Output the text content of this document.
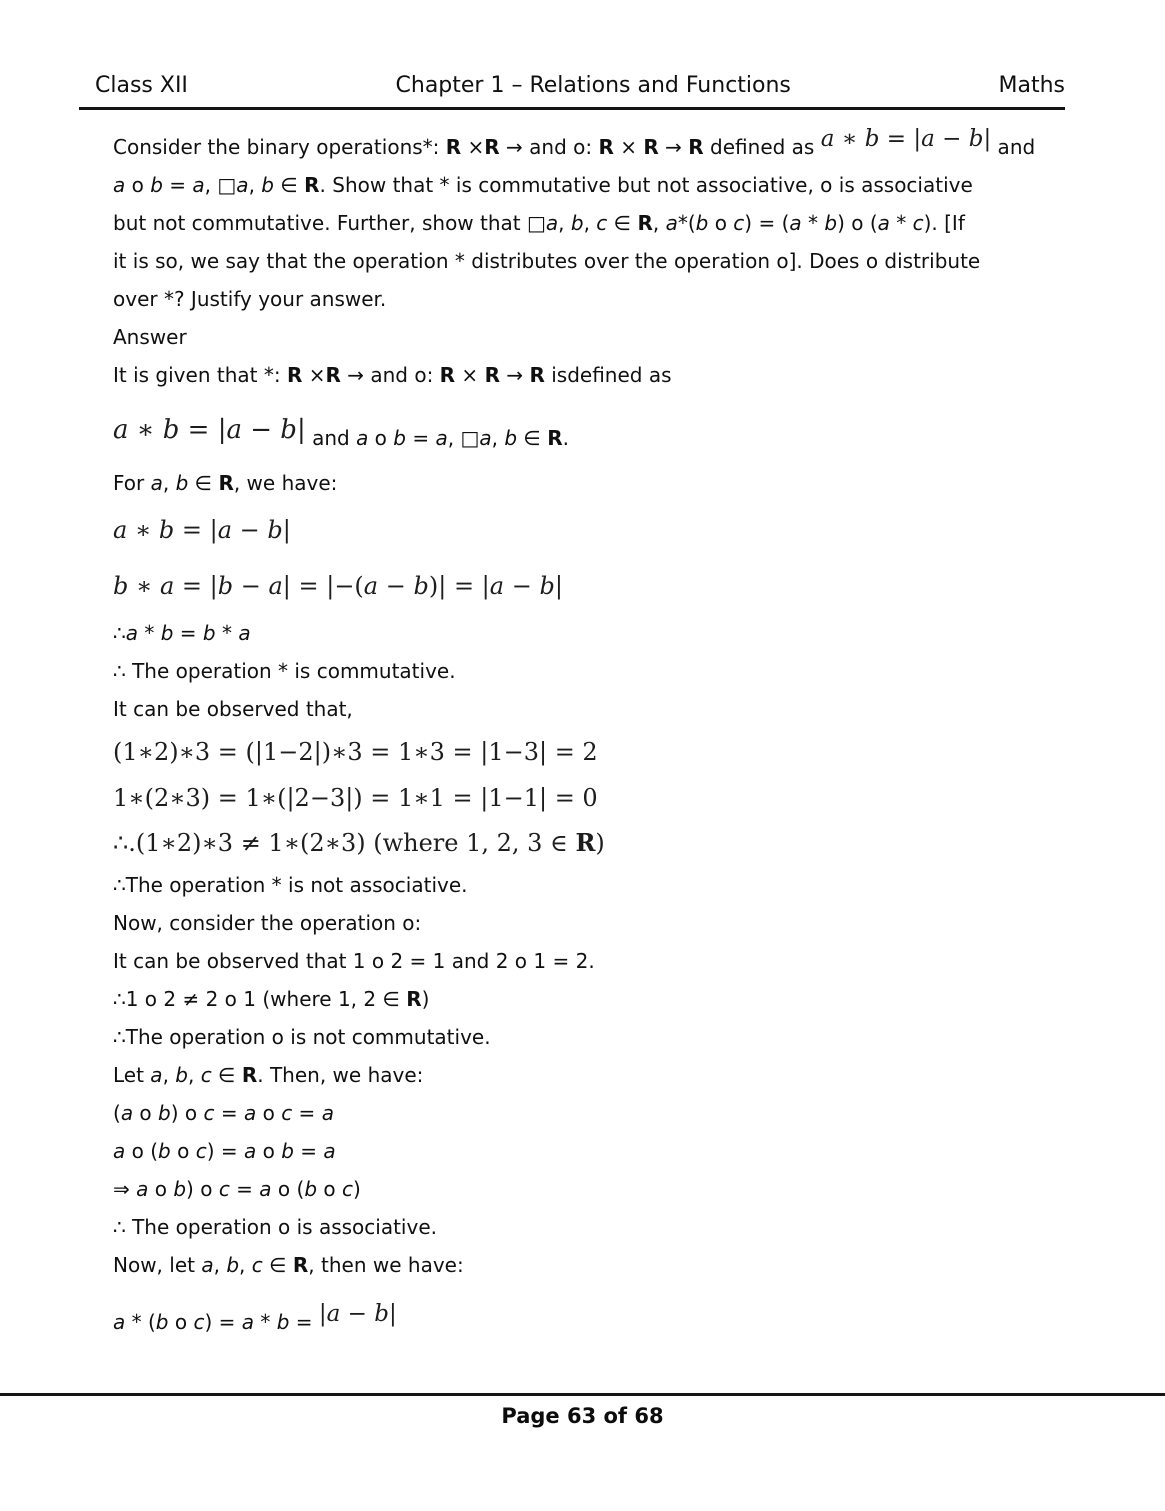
Class XII	Chapter 1 – Relations and Functions	Maths
Consider the binary operations*: R ×R → and o: R × R → R defined as a ∗ b = |a − b| and
a o b = a, □a, b ∈ R. Show that * is commutative but not associative, o is associative
but not commutative. Further, show that □a, b, c ∈ R, a*(b o c) = (a * b) o (a * c). [If
it is so, we say that the operation * distributes over the operation o]. Does o distribute
over *? Justify your answer.
Answer
It is given that *: R ×R → and o: R × R → R isdefined as
a ∗ b = |a − b| and a o b = a, □a, b ∈ R.
For a, b ∈ R, we have:
a ∗ b = |a − b|
b ∗ a = |b − a| = |−(a − b)| = |a − b|
∴a * b = b * a
∴ The operation * is commutative.
It can be observed that,
(1∗2)∗3 = (|1−2|)∗3 = 1∗3 = |1−3| = 2
1∗(2∗3) = 1∗(|2−3|) = 1∗1 = |1−1| = 0
∴.(1∗2)∗3 ≠ 1∗(2∗3) (where 1, 2, 3 ∈ R)
∴The operation * is not associative.
Now, consider the operation o:
It can be observed that 1 o 2 = 1 and 2 o 1 = 2.
∴1 o 2 ≠ 2 o 1 (where 1, 2 ∈ R)
∴The operation o is not commutative.
Let a, b, c ∈ R. Then, we have:
(a o b) o c = a o c = a
a o (b o c) = a o b = a
⇒ a o b) o c = a o (b o c)
∴ The operation o is associative.
Now, let a, b, c ∈ R, then we have:
a * (b o c) = a * b = |a − b|
Page 63 of 68
